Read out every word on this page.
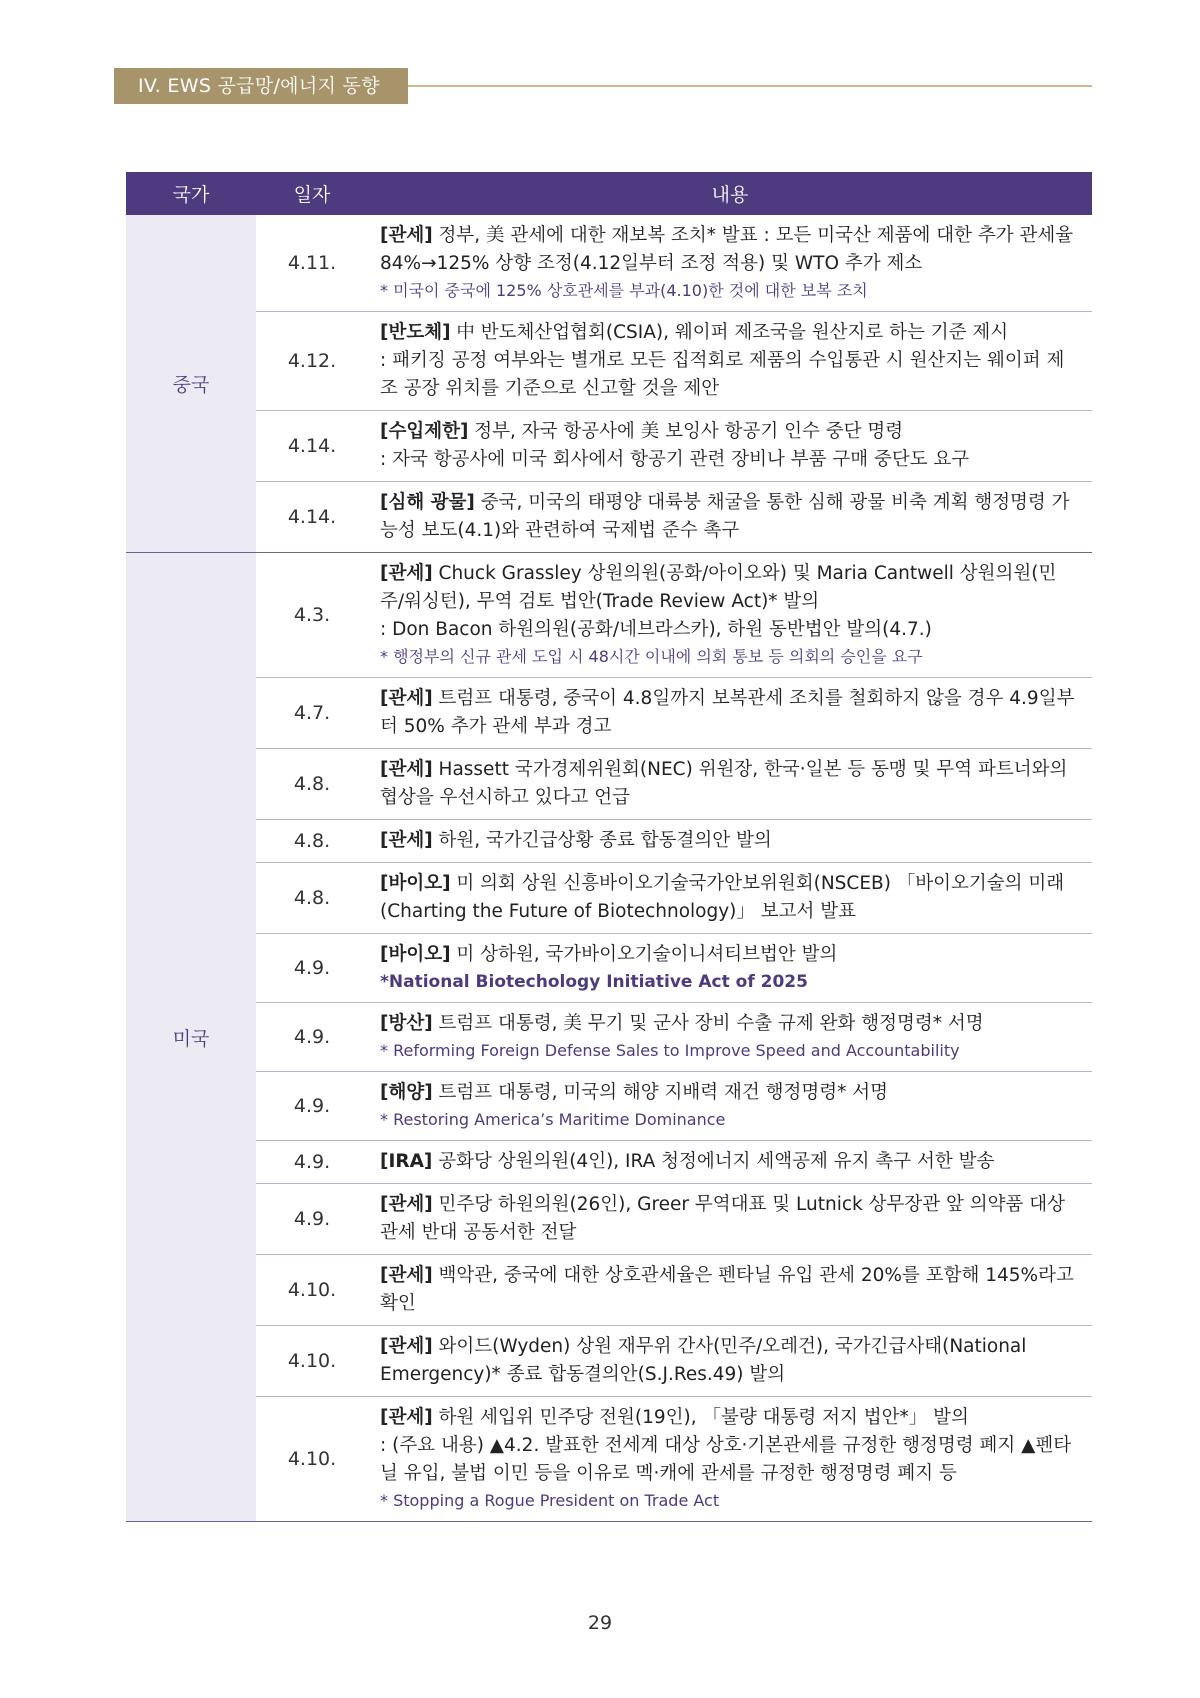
IV. EWS 공급망/에너지 동향
국가	일자	내용
중국	4.11.	[관세] 정부, 美 관세에 대한 재보복 조치* 발표 : 모든 미국산 제품에 대한 추가 관세율 84%→125% 상향 조정(4.12일부터 조정 적용) 및 WTO 추가 제소
* 미국이 중국에 125% 상호관세를 부과(4.10)한 것에 대한 보복 조치

	4.12.	[반도체] 中 반도체산업협회(CSIA), 웨이퍼 제조국을 원산지로 하는 기준 제시
: 패키징 공정 여부와는 별개로 모든 집적회로 제품의 수입통관 시 원산지는 웨이퍼 제조 공장 위치를 기준으로 신고할 것을 제안

	4.14.	[수입제한] 정부, 자국 항공사에 美 보잉사 항공기 인수 중단 명령
: 자국 항공사에 미국 회사에서 항공기 관련 장비나 부품 구매 중단도 요구

	4.14.	[심해 광물] 중국, 미국의 태평양 대륙붕 채굴을 통한 심해 광물 비축 계획 행정명령 가능성 보도(4.1)와 관련하여 국제법 준수 촉구

미국	4.3.	[관세] Chuck Grassley 상원의원(공화/아이오와) 및 Maria Cantwell 상원의원(민주/워싱턴), 무역 검토 법안(Trade Review Act)* 발의
: Don Bacon 하원의원(공화/네브라스카), 하원 동반법안 발의(4.7.)
* 행정부의 신규 관세 도입 시 48시간 이내에 의회 통보 등 의회의 승인을 요구

	4.7.	[관세] 트럼프 대통령, 중국이 4.8일까지 보복관세 조치를 철회하지 않을 경우 4.9일부터 50% 추가 관세 부과 경고

	4.8.	[관세] Hassett 국가경제위원회(NEC) 위원장, 한국·일본 등 동맹 및 무역 파트너와의 협상을 우선시하고 있다고 언급

	4.8.	[관세] 하원, 국가긴급상황 종료 합동결의안 발의

	4.8.	[바이오] 미 의회 상원 신흥바이오기술국가안보위원회(NSCEB) 「바이오기술의 미래(Charting the Future of Biotechnology)」 보고서 발표

	4.9.	[바이오] 미 상하원, 국가바이오기술이니셔티브법안 발의
*National Biotechology Initiative Act of 2025

	4.9.	[방산] 트럼프 대통령, 美 무기 및 군사 장비 수출 규제 완화 행정명령* 서명
* Reforming Foreign Defense Sales to Improve Speed and Accountability

	4.9.	[해양] 트럼프 대통령, 미국의 해양 지배력 재건 행정명령* 서명
* Restoring America’s Maritime Dominance

	4.9.	[IRA] 공화당 상원의원(4인), IRA 청정에너지 세액공제 유지 촉구 서한 발송

	4.9.	[관세] 민주당 하원의원(26인), Greer 무역대표 및 Lutnick 상무장관 앞 의약품 대상 관세 반대 공동서한 전달

	4.10.	[관세] 백악관, 중국에 대한 상호관세율은 펜타닐 유입 관세 20%를 포함해 145%라고 확인

	4.10.	[관세] 와이드(Wyden) 상원 재무위 간사(민주/오레건), 국가긴급사태(National Emergency)* 종료 합동결의안(S.J.Res.49) 발의

	4.10.	[관세] 하원 세입위 민주당 전원(19인), 「불량 대통령 저지 법안*」 발의
: (주요 내용) ▲4.2. 발표한 전세계 대상 상호·기본관세를 규정한 행정명령 폐지 ▲펜타닐 유입, 불법 이민 등을 이유로 멕·캐에 관세를 규정한 행정명령 폐지 등
* Stopping a Rogue President on Trade Act
29
